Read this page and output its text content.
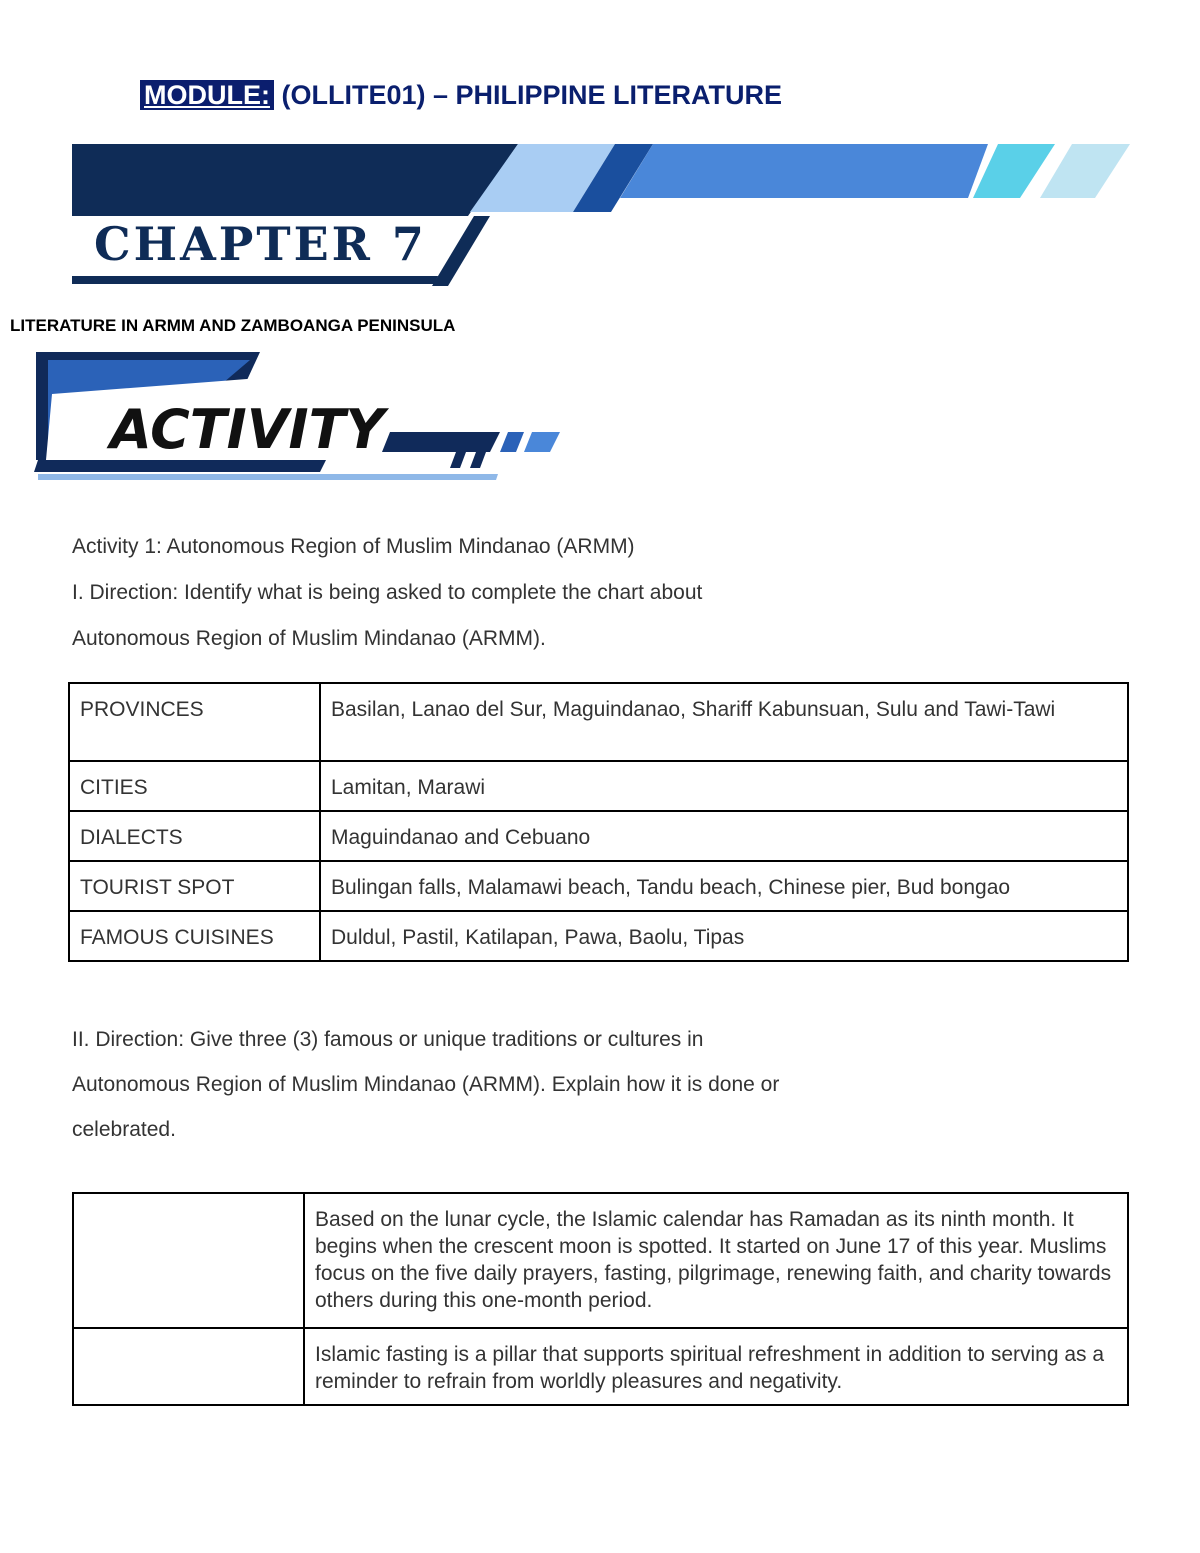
MODULE: (OLLITE01) – PHILIPPINE LITERATURE
CHAPTER 7
LITERATURE IN ARMM AND ZAMBOANGA PENINSULA
ACTIVITY
Activity 1: Autonomous Region of Muslim Mindanao (ARMM)
I. Direction: Identify what is being asked to complete the chart about
Autonomous Region of Muslim Mindanao (ARMM).
PROVINCES	Basilan, Lanao del Sur, Maguindanao, Shariff Kabunsuan, Sulu and Tawi-Tawi
CITIES	Lamitan, Marawi
DIALECTS	Maguindanao and Cebuano
TOURIST SPOT	Bulingan falls, Malamawi beach, Tandu beach, Chinese pier, Bud bongao
FAMOUS CUISINES	Duldul, Pastil, Katilapan, Pawa, Baolu, Tipas
II. Direction: Give three (3) famous or unique traditions or cultures in
Autonomous Region of Muslim Mindanao (ARMM). Explain how it is done or
celebrated.
	Based on the lunar cycle, the Islamic calendar has Ramadan as its ninth month. It begins when the crescent moon is spotted. It started on June 17 of this year. Muslims focus on the five daily prayers, fasting, pilgrimage, renewing faith, and charity towards others during this one-month period.
	Islamic fasting is a pillar that supports spiritual refreshment in addition to serving as a reminder to refrain from worldly pleasures and negativity.
